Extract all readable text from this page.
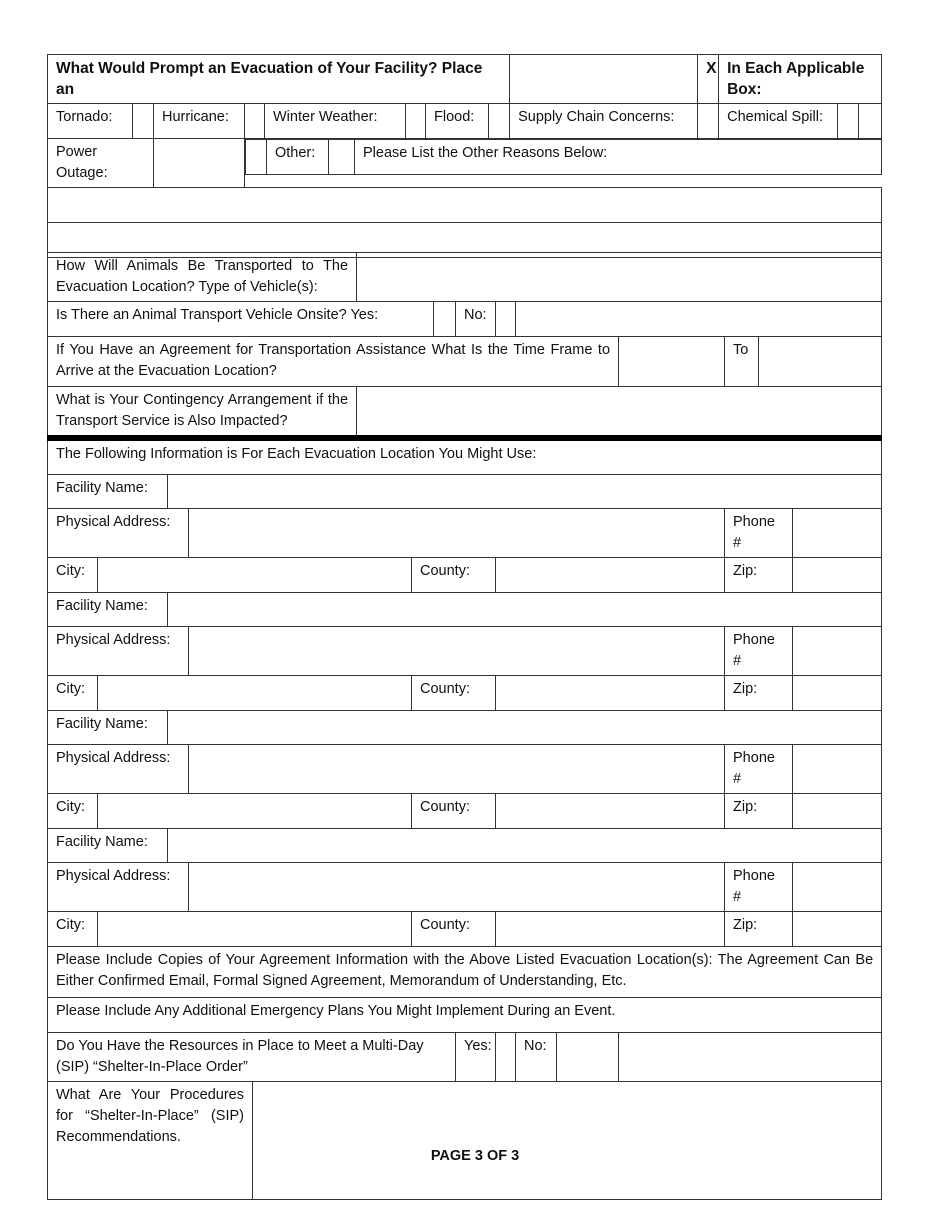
What Would Prompt an Evacuation of Your Facility? Place an		X	In Each Applicable Box:
Tornado:		Hurricane:		Winter Weather:		Flood:		Supply Chain Concerns:		Chemical Spill:		
Power Outage:		
	Other:		Please List the Other Reasons Below:

How Will Animals Be Transported to The Evacuation Location? Type of Vehicle(s):															
Is There an Animal Transport Vehicle Onsite? Yes:								No:							
If You Have an Agreement for Transportation Assistance What Is the Time Frame to Arrive at the Evacuation Location?													To		
What is Your Contingency Arrangement if the Transport Service is Also Impacted?															
The Following Information is For Each Evacuation Location You Might Use:															
Facility Name:															
Physical Address:													Phone #		
City:						County:							Zip:		
Facility Name:															
Physical Address:													Phone #		
City:						County:							Zip:		
Facility Name:															
Physical Address:													Phone #		
City:						County:							Zip:		
Facility Name:															
Physical Address:													Phone #		
City:						County:							Zip:		
Please Include Copies of Your Agreement Information with the Above Listed Evacuation Location(s): The Agreement Can Be Either Confirmed Email, Formal Signed Agreement, Memorandum of Understanding, Etc.															
Please Include Any Additional Emergency Plans You Might Implement During an Event.															
Do You Have the Resources in Place to Meet a Multi-Day (SIP) “Shelter-In-Place Order”								Yes:		No:					
What Are Your Procedures for “Shelter-In-Place” (SIP) Recommendations.															
PAGE 3 OF 3
